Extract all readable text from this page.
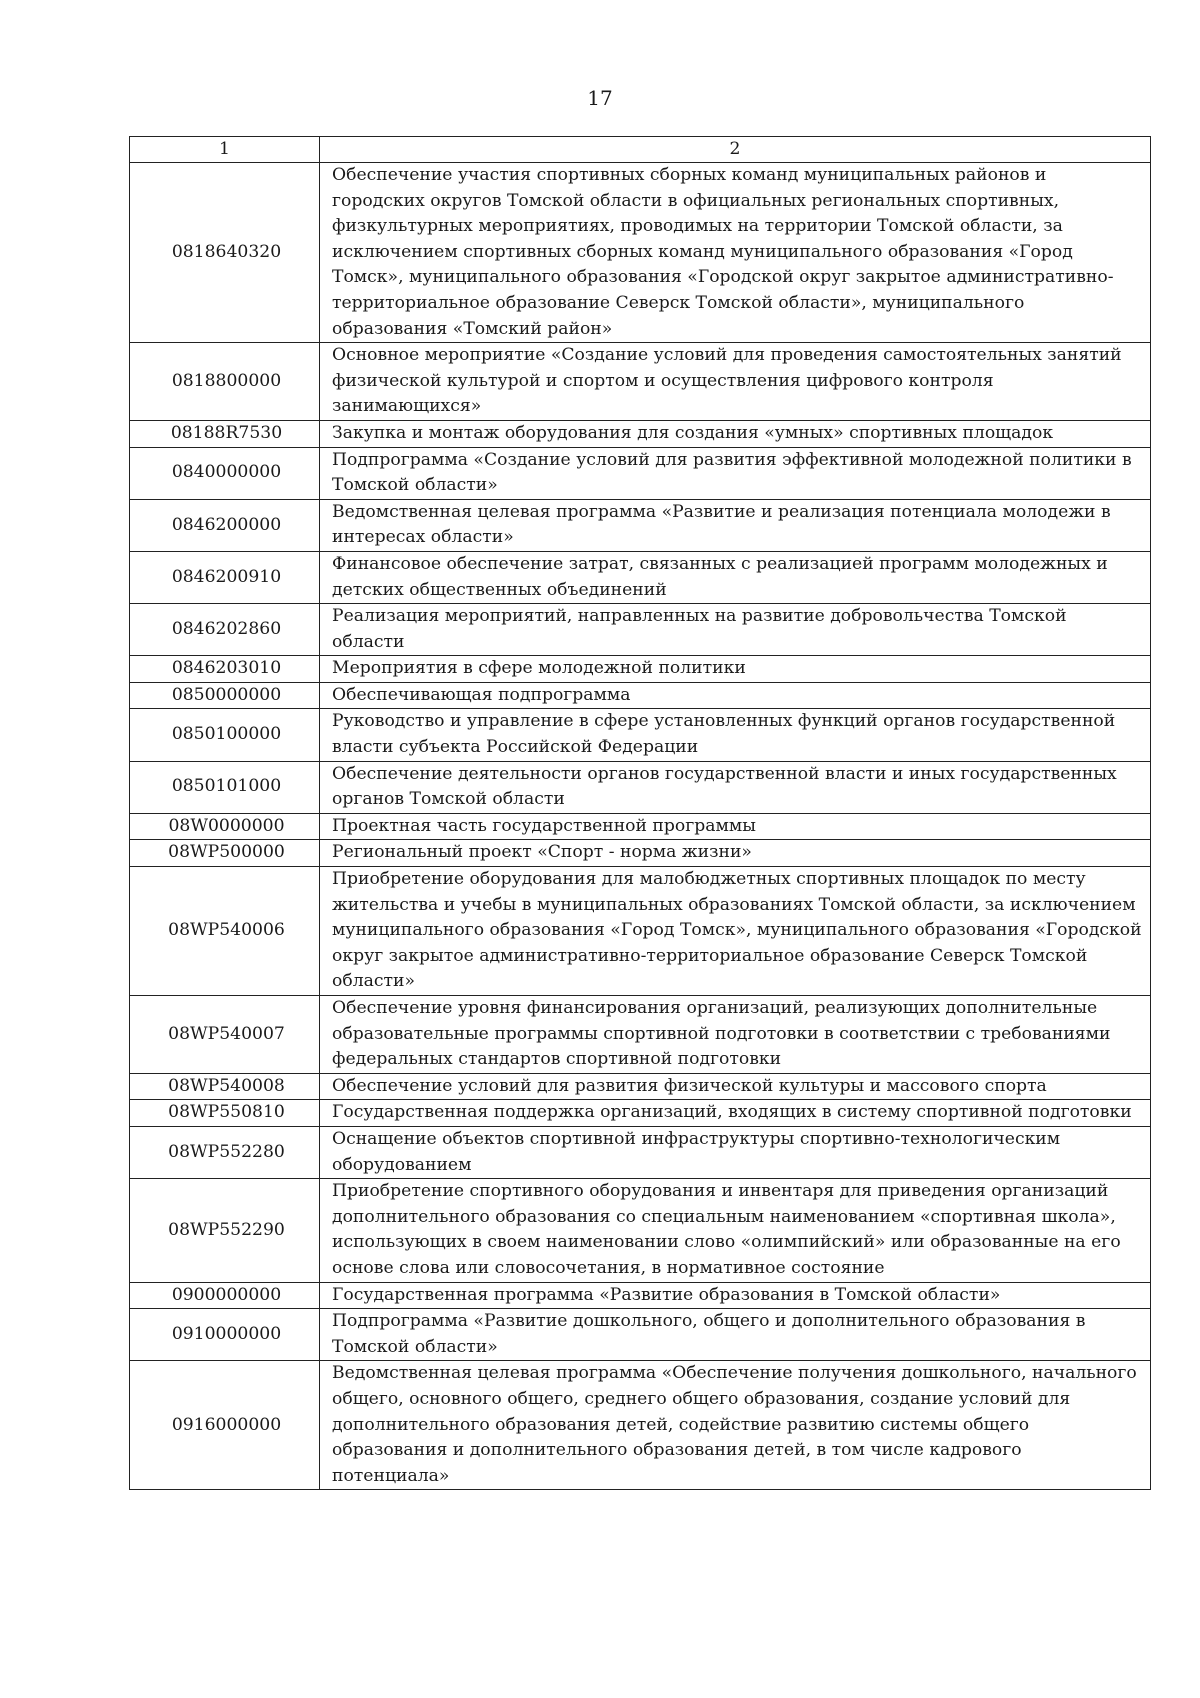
17
1	2
0818640320	Обеспечение участия спортивных сборных команд муниципальных районов и городских округов Томской области в официальных региональных спортивных, физкультурных мероприятиях, проводимых на территории Томской области, за исключением спортивных сборных команд муниципального образования «Город Томск», муниципального образования «Городской округ закрытое административно-территориальное образование Северск Томской области», муниципального образования «Томский район»
0818800000	Основное мероприятие «Создание условий для проведения самостоятельных занятий физической культурой и спортом и осуществления цифрового контроля занимающихся»
08188R7530	Закупка и монтаж оборудования для создания «умных» спортивных площадок
0840000000	Подпрограмма «Создание условий для развития эффективной молодежной политики в Томской области»
0846200000	Ведомственная целевая программа «Развитие и реализация потенциала молодежи в интересах области»
0846200910	Финансовое обеспечение затрат, связанных с реализацией программ молодежных и детских общественных объединений
0846202860	Реализация мероприятий, направленных на развитие добровольчества Томской области
0846203010	Мероприятия в сфере молодежной политики
0850000000	Обеспечивающая подпрограмма
0850100000	Руководство и управление в сфере установленных функций органов государственной власти субъекта Российской Федерации
0850101000	Обеспечение деятельности органов государственной власти и иных государственных органов Томской области
08W0000000	Проектная часть государственной программы
08WP500000	Региональный проект «Спорт - норма жизни»
08WP540006	Приобретение оборудования для малобюджетных спортивных площадок по месту жительства и учебы в муниципальных образованиях Томской области, за исключением муниципального образования «Город Томск», муниципального образования «Городской округ закрытое административно-территориальное образование Северск Томской области»
08WP540007	Обеспечение уровня финансирования организаций, реализующих дополнительные образовательные программы спортивной подготовки в соответствии с требованиями федеральных стандартов спортивной подготовки
08WP540008	Обеспечение условий для развития физической культуры и массового спорта
08WP550810	Государственная поддержка организаций, входящих в систему спортивной подготовки
08WP552280	Оснащение объектов спортивной инфраструктуры спортивно-технологическим оборудованием
08WP552290	Приобретение спортивного оборудования и инвентаря для приведения организаций дополнительного образования со специальным наименованием «спортивная школа», использующих в своем наименовании слово «олимпийский» или образованные на его основе слова или словосочетания, в нормативное состояние
0900000000	Государственная программа «Развитие образования в Томской области»
0910000000	Подпрограмма «Развитие дошкольного, общего и дополнительного образования в Томской области»
0916000000	Ведомственная целевая программа «Обеспечение получения дошкольного, начального общего, основного общего, среднего общего образования, создание условий для дополнительного образования детей, содействие развитию системы общего образования и дополнительного образования детей, в том числе кадрового потенциала»
